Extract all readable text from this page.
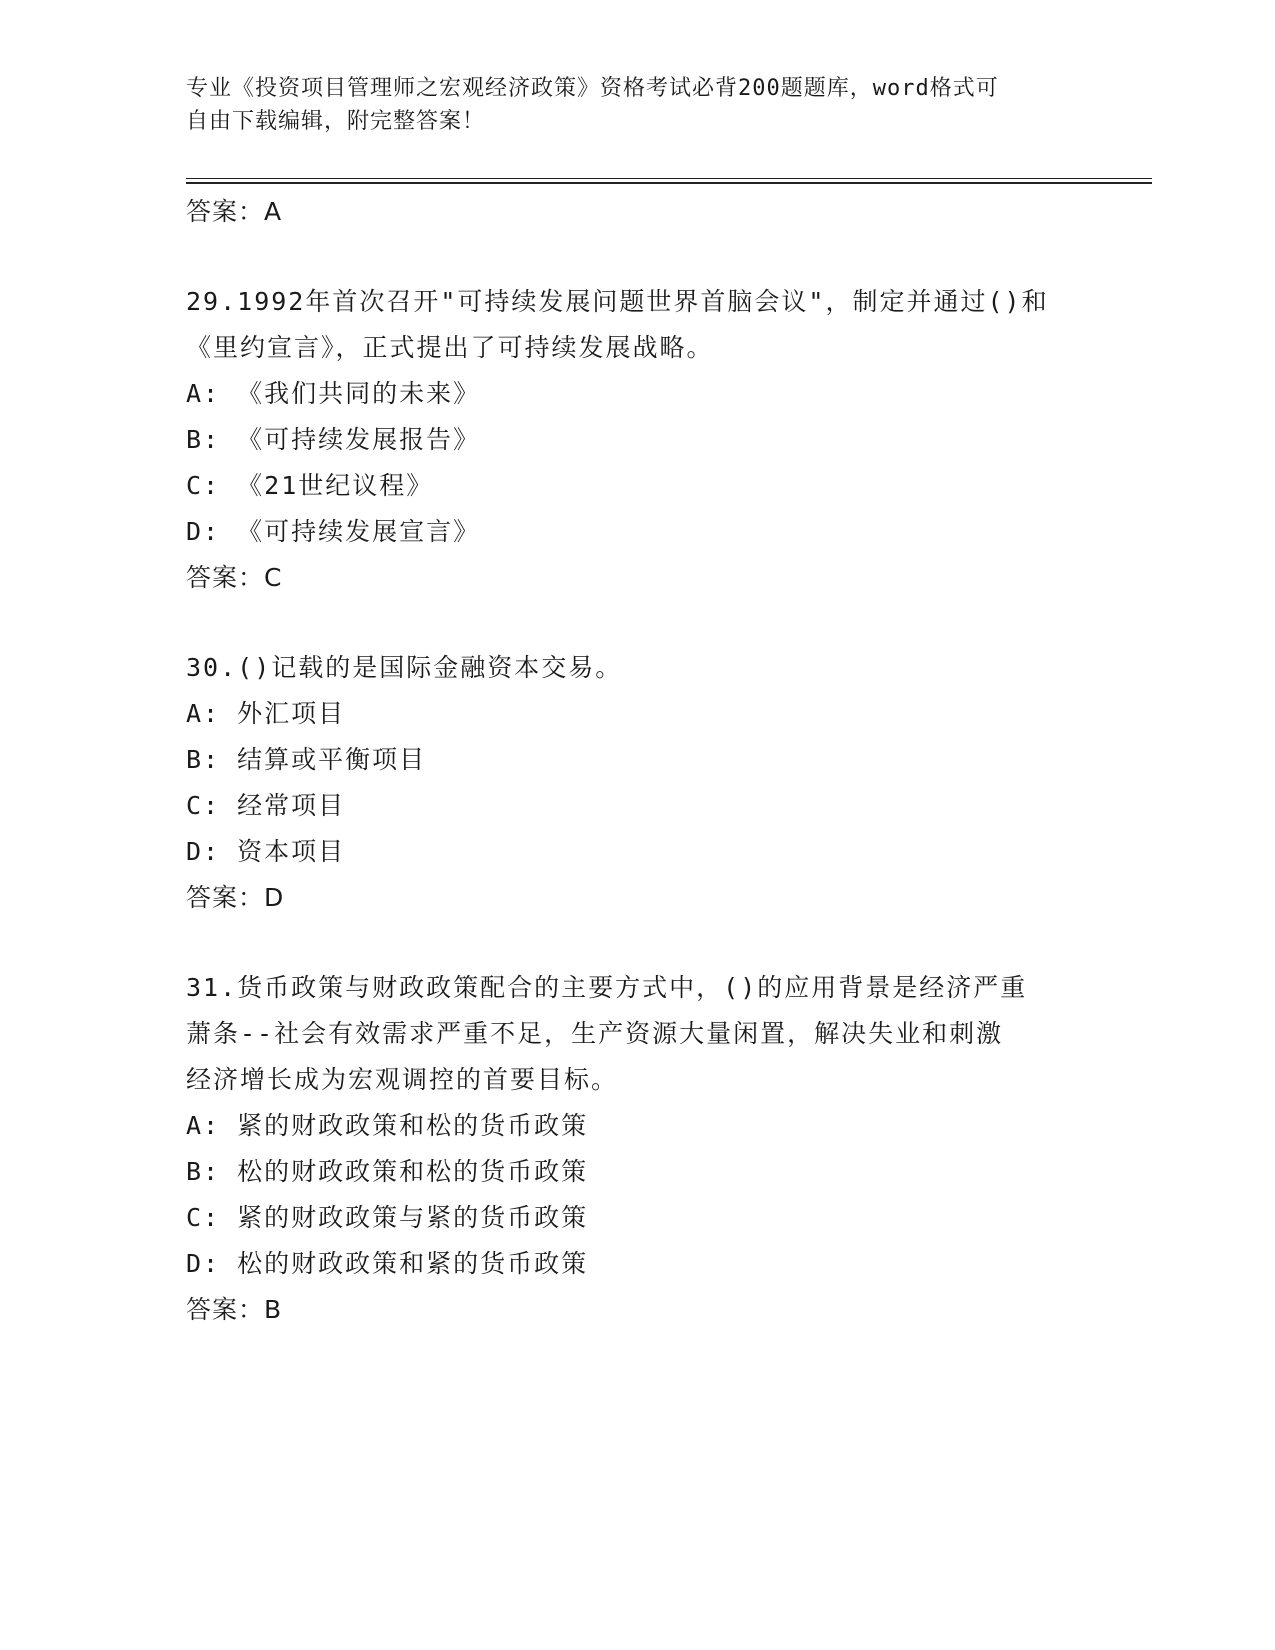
专业《投资项目管理师之宏观经济政策》资格考试必背200题题库，word格式可
自由下载编辑，附完整答案！
答案：A
29.1992年首次召开"可持续发展问题世界首脑会议"，制定并通过()和
《里约宣言》，正式提出了可持续发展战略。
A: 《我们共同的未来》
B: 《可持续发展报告》
C: 《21世纪议程》
D: 《可持续发展宣言》
答案：C
30.()记载的是国际金融资本交易。
A: 外汇项目
B: 结算或平衡项目
C: 经常项目
D: 资本项目
答案：D
31.货币政策与财政政策配合的主要方式中，()的应用背景是经济严重
萧条--社会有效需求严重不足，生产资源大量闲置，解决失业和刺激
经济增长成为宏观调控的首要目标。
A: 紧的财政政策和松的货币政策
B: 松的财政政策和松的货币政策
C: 紧的财政政策与紧的货币政策
D: 松的财政政策和紧的货币政策
答案：B
